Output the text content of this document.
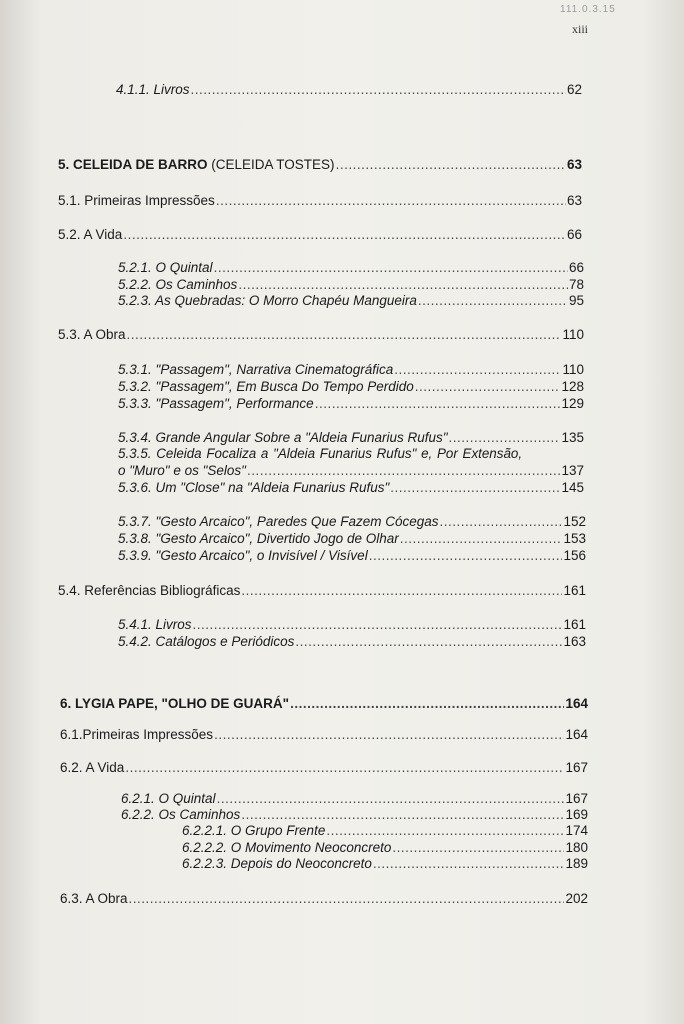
111.0.3.15
xiii
4.1.1. Livros .....	62
5. CELEIDA DE BARRO (CELEIDA TOSTES) .....	63
5.1. Primeiras Impressões .....	63
5.2. A Vida .....	66
5.2.1. O Quintal .....	66
5.2.2. Os Caminhos .....	78
5.2.3. As Quebradas: O Morro Chapéu Mangueira .....	95
5.3. A Obra .....	110
5.3.1. "Passagem", Narrativa Cinematográfica .....	110
5.3.2. "Passagem", Em Busca Do Tempo Perdido .....	128
5.3.3. "Passagem", Performance .....	129
5.3.4. Grande Angular Sobre a "Aldeia Funarius Rufus" .....	135
5.3.5. Celeida Focaliza a "Aldeia Funarius Rufus" e, Por Extensão,
o "Muro" e os "Selos" .....	137
5.3.6. Um "Close" na "Aldeia Funarius Rufus" .....	145
5.3.7. "Gesto Arcaico", Paredes Que Fazem Cócegas .....	152
5.3.8. "Gesto Arcaico", Divertido Jogo de Olhar .....	153
5.3.9. "Gesto Arcaico", o Invisível / Visível .....	156
5.4. Referências Bibliográficas .....	161
5.4.1. Livros .....	161
5.4.2. Catálogos e Periódicos .....	163
6. LYGIA PAPE, "OLHO DE GUARÁ" .....	164
6.1.Primeiras Impressões .....	164
6.2. A Vida .....	167
6.2.1. O Quintal .....	167
6.2.2. Os Caminhos .....	169
6.2.2.1. O Grupo Frente .....	174
6.2.2.2. O Movimento Neoconcreto .....	180
6.2.2.3. Depois do Neoconcreto .....	189
6.3. A Obra .....	202
